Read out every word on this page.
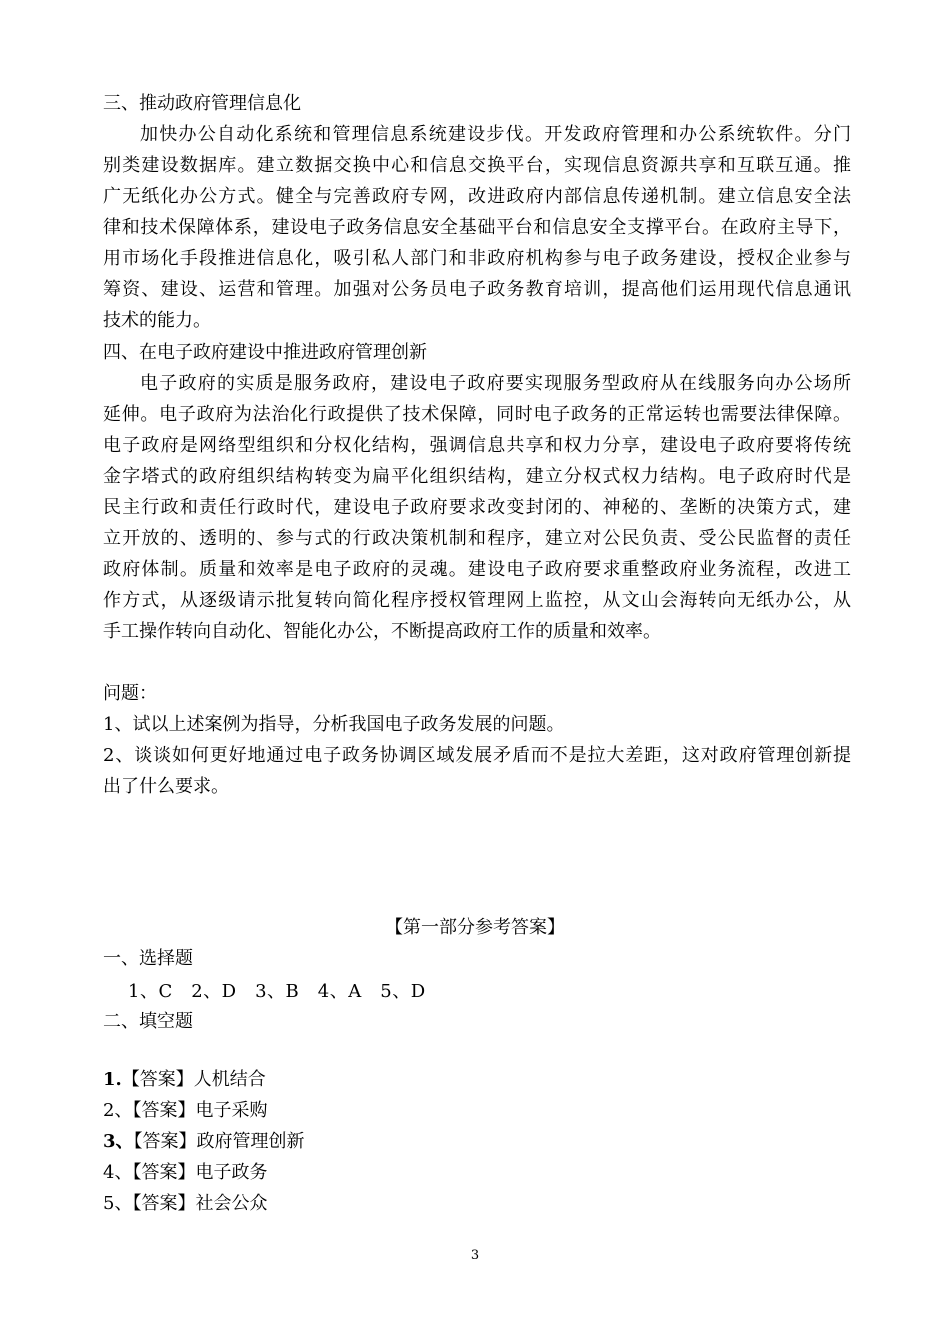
三、推动政府管理信息化
加快办公自动化系统和管理信息系统建设步伐。开发政府管理和办公系统软件。分门
别类建设数据库。建立数据交换中心和信息交换平台，实现信息资源共享和互联互通。推
广无纸化办公方式。健全与完善政府专网，改进政府内部信息传递机制。建立信息安全法
律和技术保障体系，建设电子政务信息安全基础平台和信息安全支撑平台。在政府主导下，
用市场化手段推进信息化，吸引私人部门和非政府机构参与电子政务建设，授权企业参与
筹资、建设、运营和管理。加强对公务员电子政务教育培训，提高他们运用现代信息通讯
技术的能力。
四、在电子政府建设中推进政府管理创新
电子政府的实质是服务政府，建设电子政府要实现服务型政府从在线服务向办公场所
延伸。电子政府为法治化行政提供了技术保障，同时电子政务的正常运转也需要法律保障。
电子政府是网络型组织和分权化结构，强调信息共享和权力分享，建设电子政府要将传统
金字塔式的政府组织结构转变为扁平化组织结构，建立分权式权力结构。电子政府时代是
民主行政和责任行政时代，建设电子政府要求改变封闭的、神秘的、垄断的决策方式，建
立开放的、透明的、参与式的行政决策机制和程序，建立对公民负责、受公民监督的责任
政府体制。质量和效率是电子政府的灵魂。建设电子政府要求重整政府业务流程，改进工
作方式，从逐级请示批复转向简化程序授权管理网上监控，从文山会海转向无纸办公，从
手工操作转向自动化、智能化办公，不断提高政府工作的质量和效率。
问题：
1、试以上述案例为指导，分析我国电子政务发展的问题。
2、谈谈如何更好地通过电子政务协调区域发展矛盾而不是拉大差距，这对政府管理创新提
出了什么要求。
【第一部分参考答案】
一、选择题
1、C　2、D　3、B　4、A　5、D
二、填空题
1.【答案】人机结合
2、【答案】电子采购
3、【答案】政府管理创新
4、【答案】电子政务
5、【答案】社会公众
3
